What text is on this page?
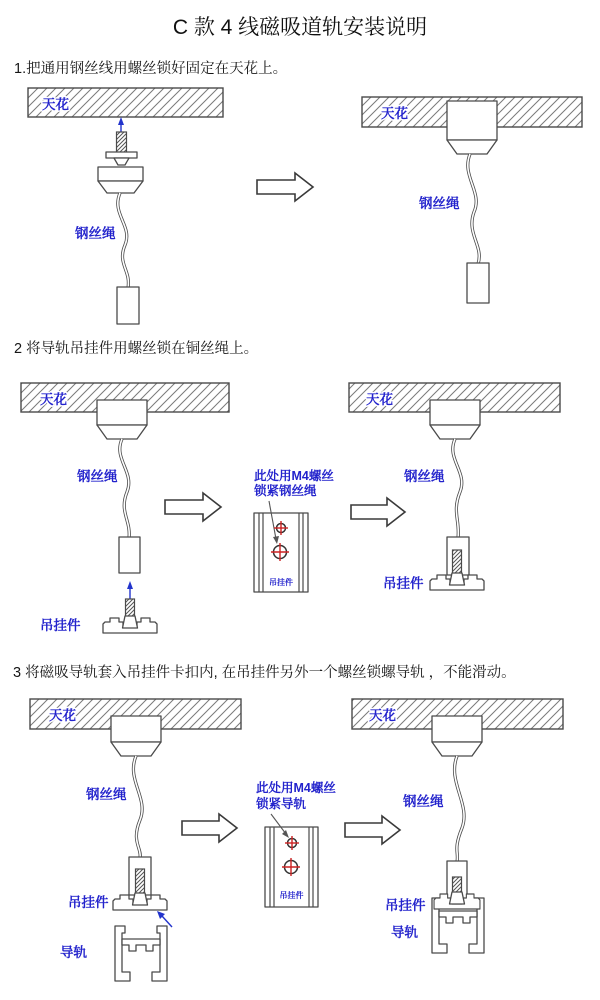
C 款 4 线磁吸道轨安装说明
1.把通用钢丝线用螺丝锁好固定在天花上。
2 将导轨吊挂件用螺丝锁在铜丝绳上。
3 将磁吸导轨套入吊挂件卡扣内, 在吊挂件另外一个螺丝锁螺导轨 ，不能滑动。
天花
钢丝绳
天花
钢丝绳
天花
钢丝绳
吊挂件
此处用M4螺丝
锁紧钢丝绳
吊挂件
天花
钢丝绳
吊挂件
天花
钢丝绳
吊挂件
导轨
此处用M4螺丝
锁紧导轨
吊挂件
天花
钢丝绳
吊挂件
导轨
